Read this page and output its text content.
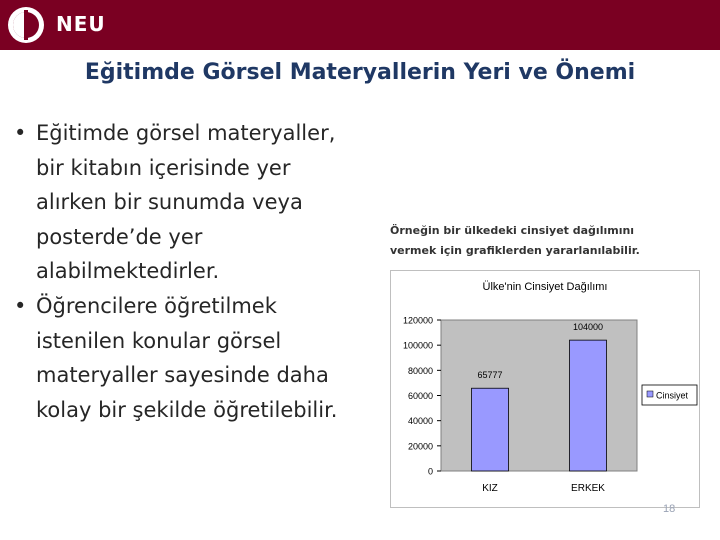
NEU
Eğitimde Görsel Materyallerin Yeri ve Önemi
• Eğitimde görsel materyaller,
bir kitabın içerisinde yer
alırken bir sunumda veya
posterde’de yer
alabilmektedirler.
• Öğrencilere öğretilmek
istenilen konular görsel
materyaller sayesinde daha
kolay bir şekilde öğretilebilir.
Örneğin bir ülkedeki cinsiyet dağılımını
vermek için grafiklerden yararlanılabilir.
Ülke'nin Cinsiyet Dağılımı
0
20000
40000
60000
80000
100000
120000
65777
KIZ
104000
ERKEK
Cinsiyet
18
